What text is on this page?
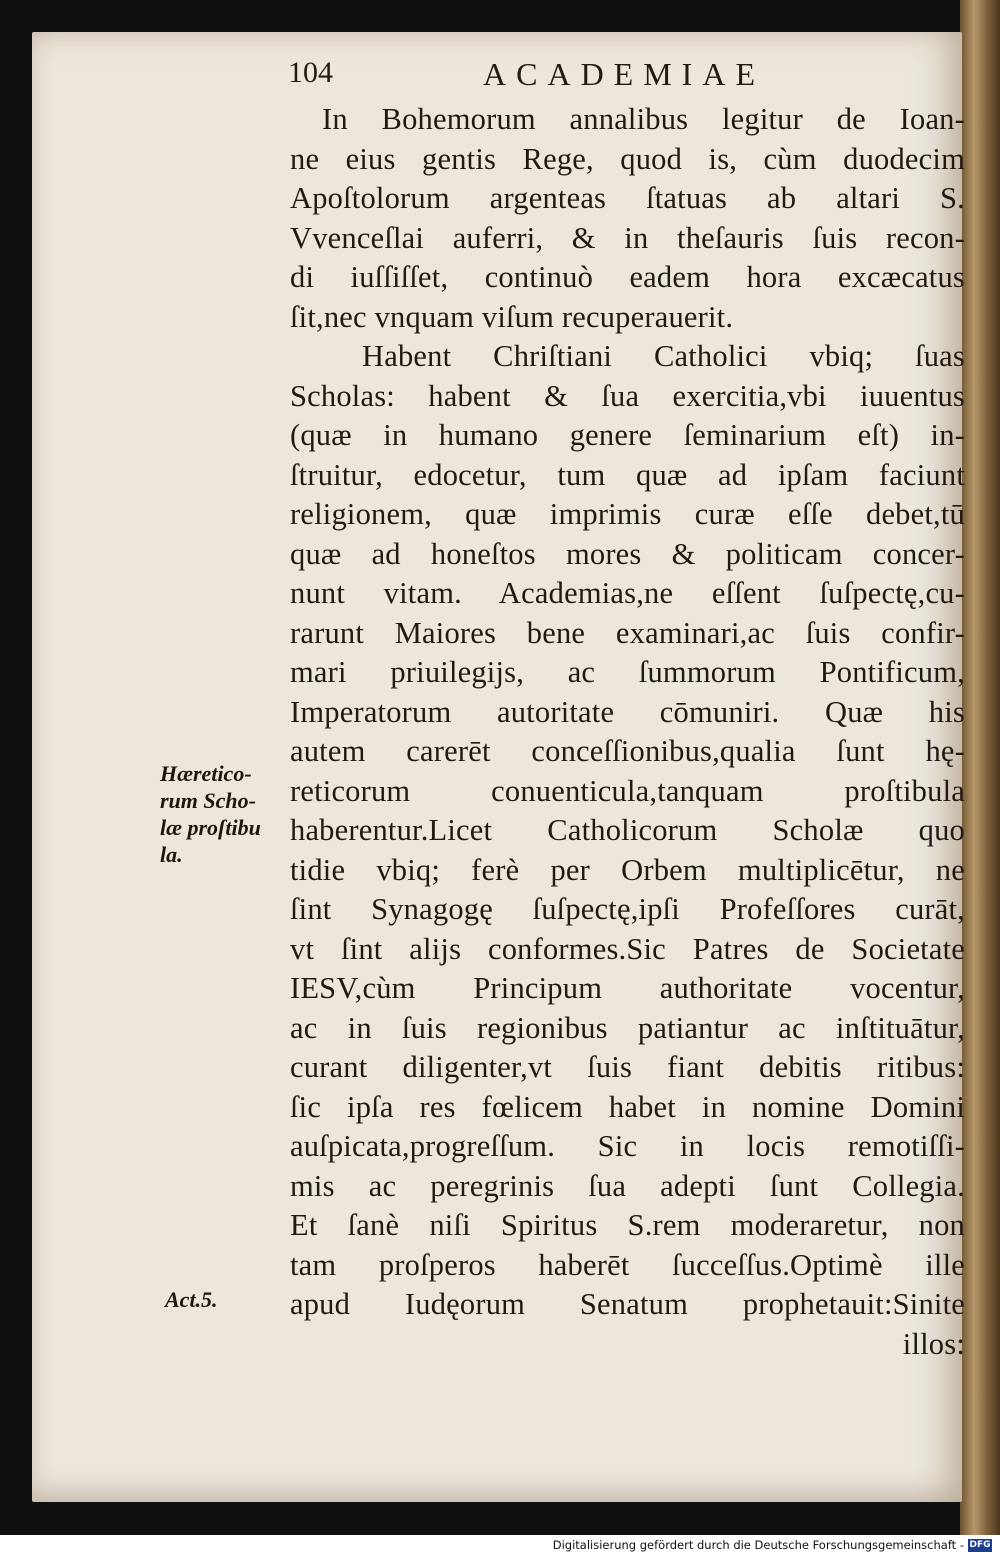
104	ACADEMIAE
In Bohemorum annalibus legitur de Ioan-
ne eius gentis Rege, quod is, cùm duodecim
Apoſtolorum argenteas ſtatuas ab altari S.
Vvenceſlai auferri, & in theſauris ſuis recon-
di iuſſiſſet, continuò eadem hora excæcatus
ſit,nec vnquam viſum recuperauerit.
Habent Chriſtiani Catholici vbiq; ſuas
Scholas: habent & ſua exercitia,vbi iuuentus
(quæ in humano genere ſeminarium eſt) in-
ſtruitur, edocetur, tum quæ ad ipſam faciunt
religionem, quæ imprimis curæ eſſe debet,tū
quæ ad honeſtos mores & politicam concer-
nunt vitam. Academias,ne eſſent ſuſpectę,cu-
rarunt Maiores bene examinari,ac ſuis confir-
mari priuilegijs, ac ſummorum Pontificum,
Imperatorum autoritate cōmuniri. Quæ his
autem carerēt conceſſionibus,qualia ſunt hę-
reticorum conuenticula,tanquam proſtibula
haberentur.Licet Catholicorum Scholæ quo
tidie vbiq; ferè per Orbem multiplicētur, ne
ſint Synagogę ſuſpectę,ipſi Profeſſores curāt,
vt ſint alijs conformes.Sic Patres de Societate
IESV,cùm Principum authoritate vocentur,
ac in ſuis regionibus patiantur ac inſtituātur,
curant diligenter,vt ſuis fiant debitis ritibus:
ſic ipſa res fœlicem habet in nomine Domini
auſpicata,progreſſum. Sic in locis remotiſſi-
mis ac peregrinis ſua adepti ſunt Collegia.
Et ſanè niſi Spiritus S.rem moderaretur, non
tam proſperos haberēt ſucceſſus.Optimè ille
apud Iudęorum Senatum prophetauit:Sinite
illos:
Hæretico-
rum Scho-
læ proſtibu
la.
Act.5.
Digitalisierung gefördert durch die Deutsche Forschungsgemeinschaft - DFG
